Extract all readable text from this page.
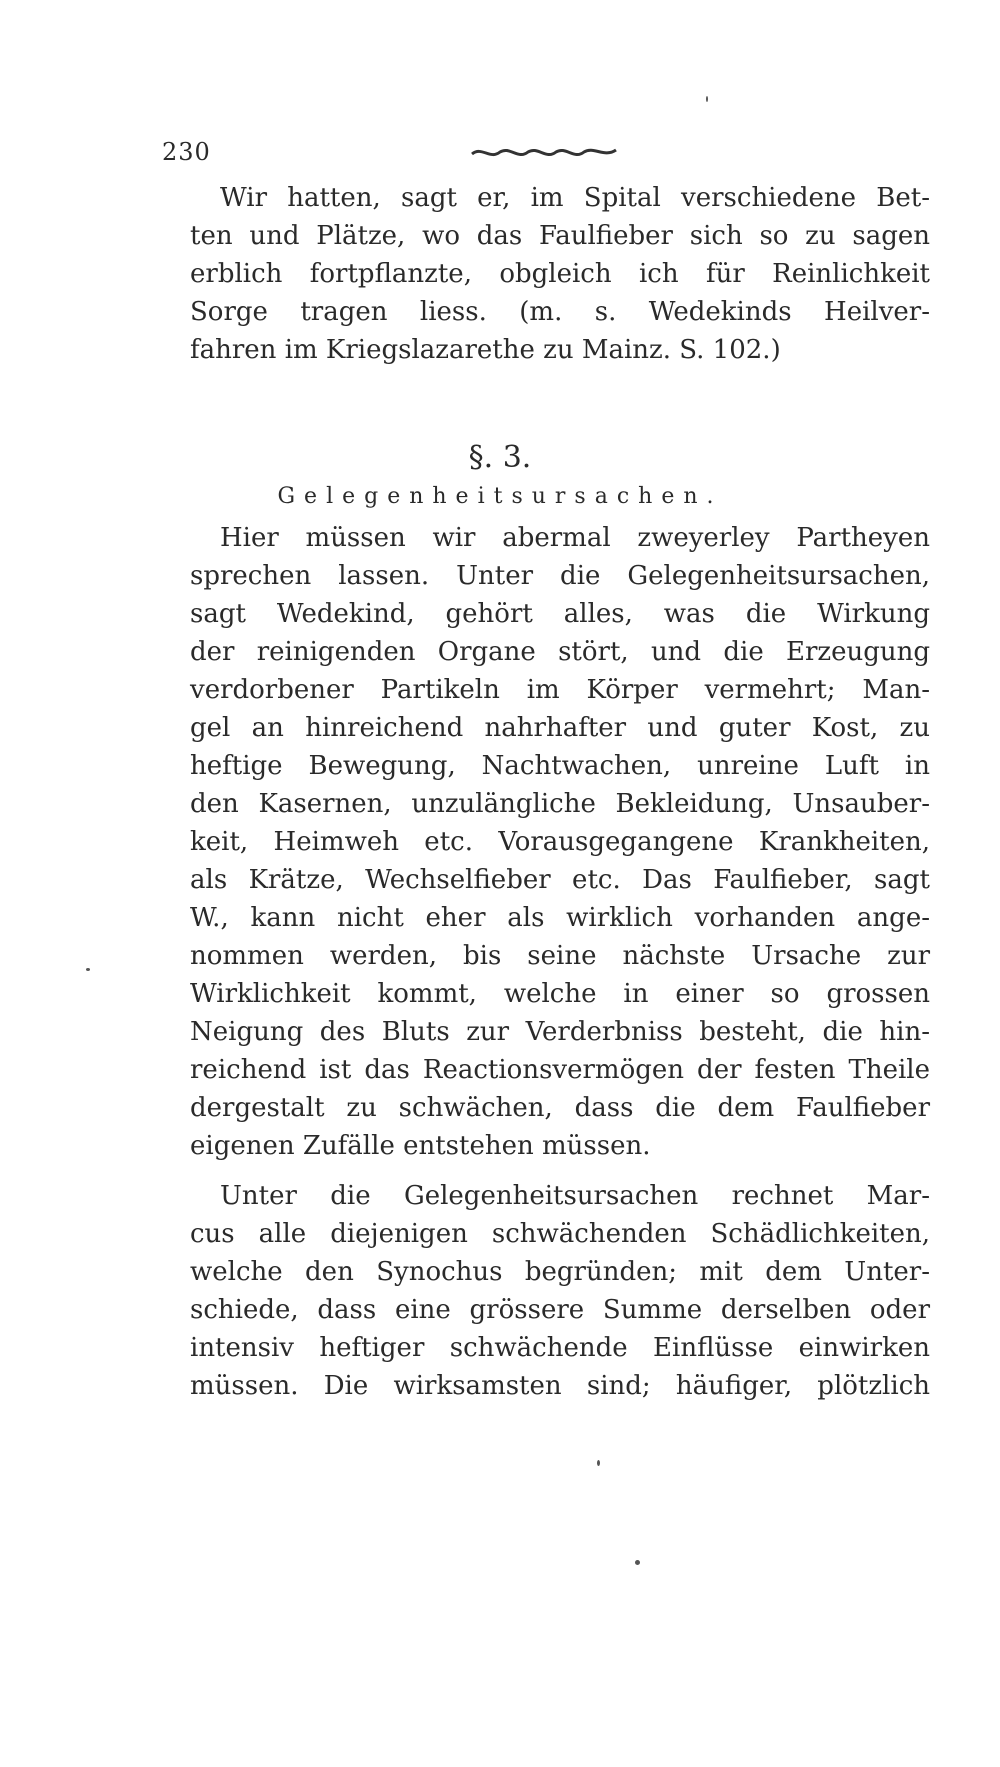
230
Wir hatten, sagt er, im Spital verschiedene Bet-
ten und Plätze, wo das Faulfieber sich so zu sagen
erblich fortpflanzte, obgleich ich für Reinlichkeit
Sorge tragen liess. (m. s. Wedekinds Heilver-
fahren im Kriegslazarethe zu Mainz. S. 102.)
§. 3.
Gelegenheitsursachen.
Hier müssen wir abermal zweyerley Partheyen
sprechen lassen. Unter die Gelegenheitsursachen,
sagt Wedekind, gehört alles, was die Wirkung
der reinigenden Organe stört, und die Erzeugung
verdorbener Partikeln im Körper vermehrt; Man-
gel an hinreichend nahrhafter und guter Kost, zu
heftige Bewegung, Nachtwachen, unreine Luft in
den Kasernen, unzulängliche Bekleidung, Unsauber-
keit, Heimweh etc. Vorausgegangene Krankheiten,
als Krätze, Wechselfieber etc. Das Faulfieber, sagt
W., kann nicht eher als wirklich vorhanden ange-
nommen werden, bis seine nächste Ursache zur
Wirklichkeit kommt, welche in einer so grossen
Neigung des Bluts zur Verderbniss besteht, die hin-
reichend ist das Reactionsvermögen der festen Theile
dergestalt zu schwächen, dass die dem Faulfieber
eigenen Zufälle entstehen müssen.
Unter die Gelegenheitsursachen rechnet Mar-
cus alle diejenigen schwächenden Schädlichkeiten,
welche den Synochus begründen; mit dem Unter-
schiede, dass eine grössere Summe derselben oder
intensiv heftiger schwächende Einflüsse einwirken
müssen. Die wirksamsten sind; häufiger, plötzlich
